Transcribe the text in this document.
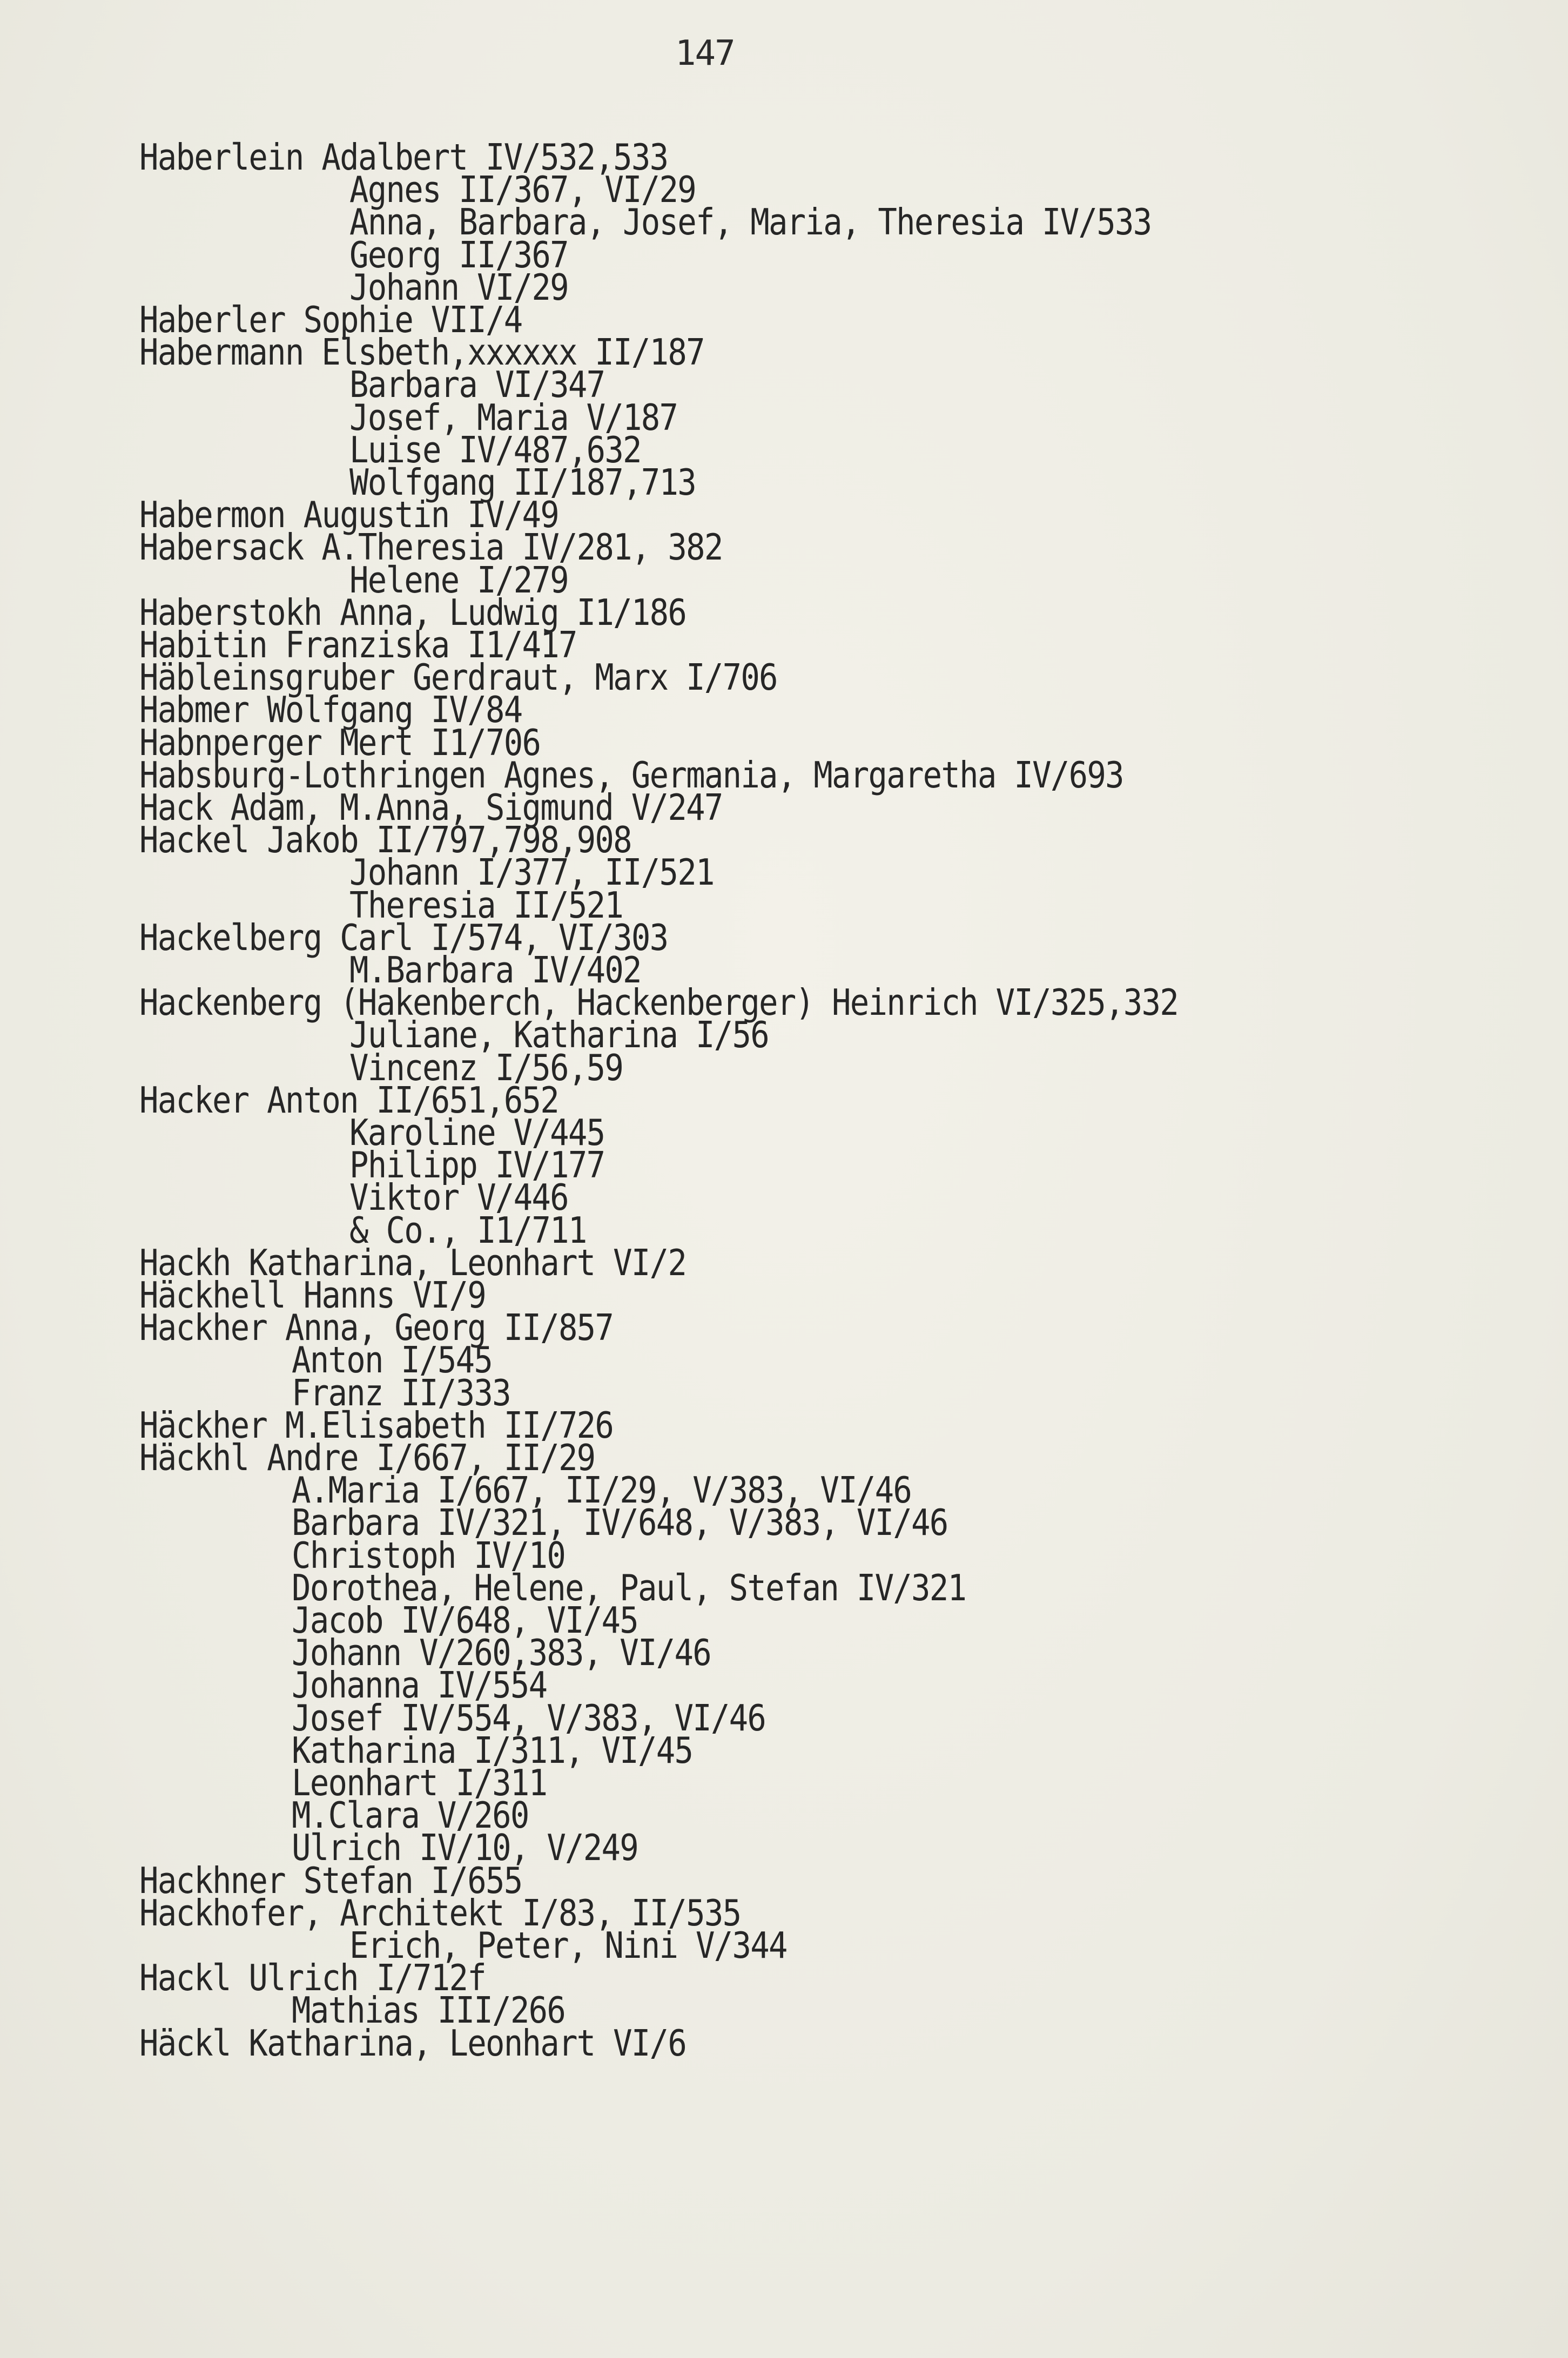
147
Haberlein Adalbert IV/532,533
Agnes II/367, VI/29
Anna, Barbara, Josef, Maria, Theresia IV/533
Georg II/367
Johann VI/29
Haberler Sophie VII/4
Habermann Elsbeth,xxxxxx II/187
Barbara VI/347
Josef, Maria V/187
Luise IV/487,632
Wolfgang II/187,713
Habermon Augustin IV/49
Habersack A.Theresia IV/281, 382
Helene I/279
Haberstokh Anna, Ludwig I1/186
Habitin Franziska I1/417
Häbleinsgruber Gerdraut, Marx I/706
Habmer Wolfgang IV/84
Habnperger Mert I1/706
Habsburg-Lothringen Agnes, Germania, Margaretha IV/693
Hack Adam, M.Anna, Sigmund V/247
Hackel Jakob II/797,798,908
Johann I/377, II/521
Theresia II/521
Hackelberg Carl I/574, VI/303
M.Barbara IV/402
Hackenberg (Hakenberch, Hackenberger) Heinrich VI/325,332
Juliane, Katharina I/56
Vincenz I/56,59
Hacker Anton II/651,652
Karoline V/445
Philipp IV/177
Viktor V/446
& Co., I1/711
Hackh Katharina, Leonhart VI/2
Häckhell Hanns VI/9
Hackher Anna, Georg II/857
Anton I/545
Franz II/333
Häckher M.Elisabeth II/726
Häckhl Andre I/667, II/29
A.Maria I/667, II/29, V/383, VI/46
Barbara IV/321, IV/648, V/383, VI/46
Christoph IV/10
Dorothea, Helene, Paul, Stefan IV/321
Jacob IV/648, VI/45
Johann V/260,383, VI/46
Johanna IV/554
Josef IV/554, V/383, VI/46
Katharina I/311, VI/45
Leonhart I/311
M.Clara V/260
Ulrich IV/10, V/249
Hackhner Stefan I/655
Hackhofer, Architekt I/83, II/535
Erich, Peter, Nini V/344
Hackl Ulrich I/712f
Mathias III/266
Häckl Katharina, Leonhart VI/6
